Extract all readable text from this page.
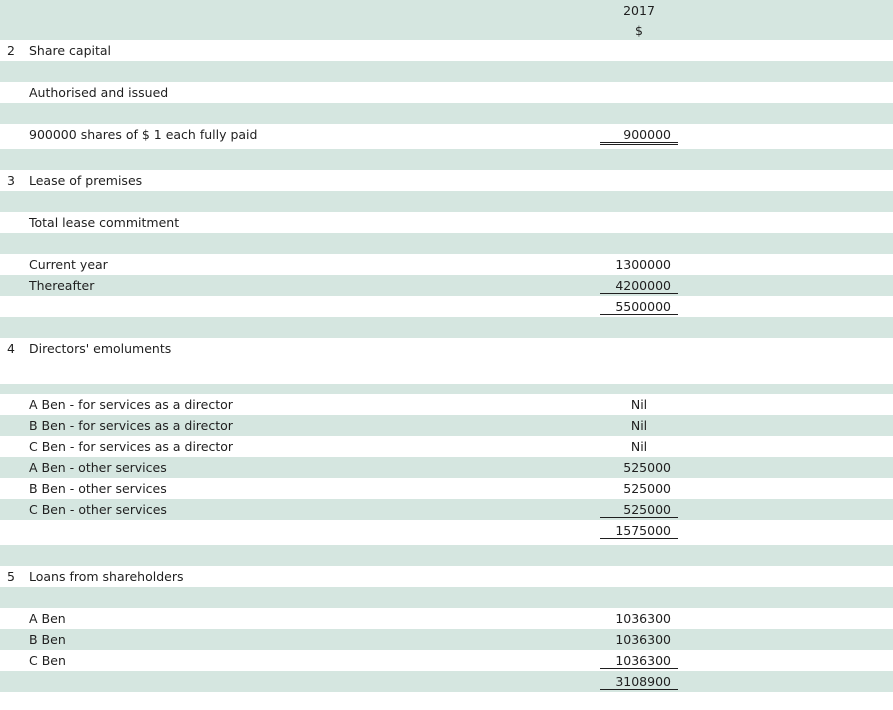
2017
$
2 Share capital
Authorised and issued
900000 shares of $ 1 each fully paid	900000
3 Lease of premises
Total lease commitment
Current year	1300000
Thereafter	4200000
5500000
4 Directors' emoluments
A Ben - for services as a director	Nil
B Ben - for services as a director	Nil
C Ben - for services as a director	Nil
A Ben - other services	525000
B Ben - other services	525000
C Ben - other services	525000
1575000
5 Loans from shareholders
A Ben	1036300
B Ben	1036300
C Ben	1036300
3108900
